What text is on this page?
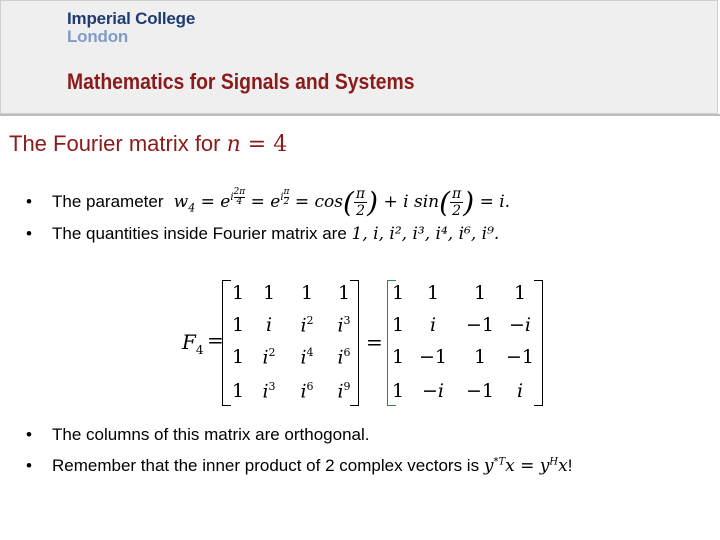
Imperial College
London
Mathematics for Signals and Systems
The Fourier matrix for n = 4
• The parameter  $w_4 = e^{i \frac{2\pi}{4}} = e^{i \frac{\pi}{2}} = \cos( \frac{\pi}{2}$ ) + i $\sin( \frac{\pi}{2}$ ) = i.
• The quantities inside Fourier matrix are 1, i, i², i³, i⁴, i⁶, i⁹.
$F_4$ =	=
1 1	1	1
1	i	$i^2$	$i^3$
1 $i^2$	$i^4$	$i^6$
1 $i^3$	$i^6$	$i^9$
1	1	1	1
1	i	−1 −i
1 −1	1	−1
1 −i	−1	i
• The columns of this matrix are orthogonal.
• Remember that the inner product of 2 complex vectors is $y^{*T}x = y^Hx$!
